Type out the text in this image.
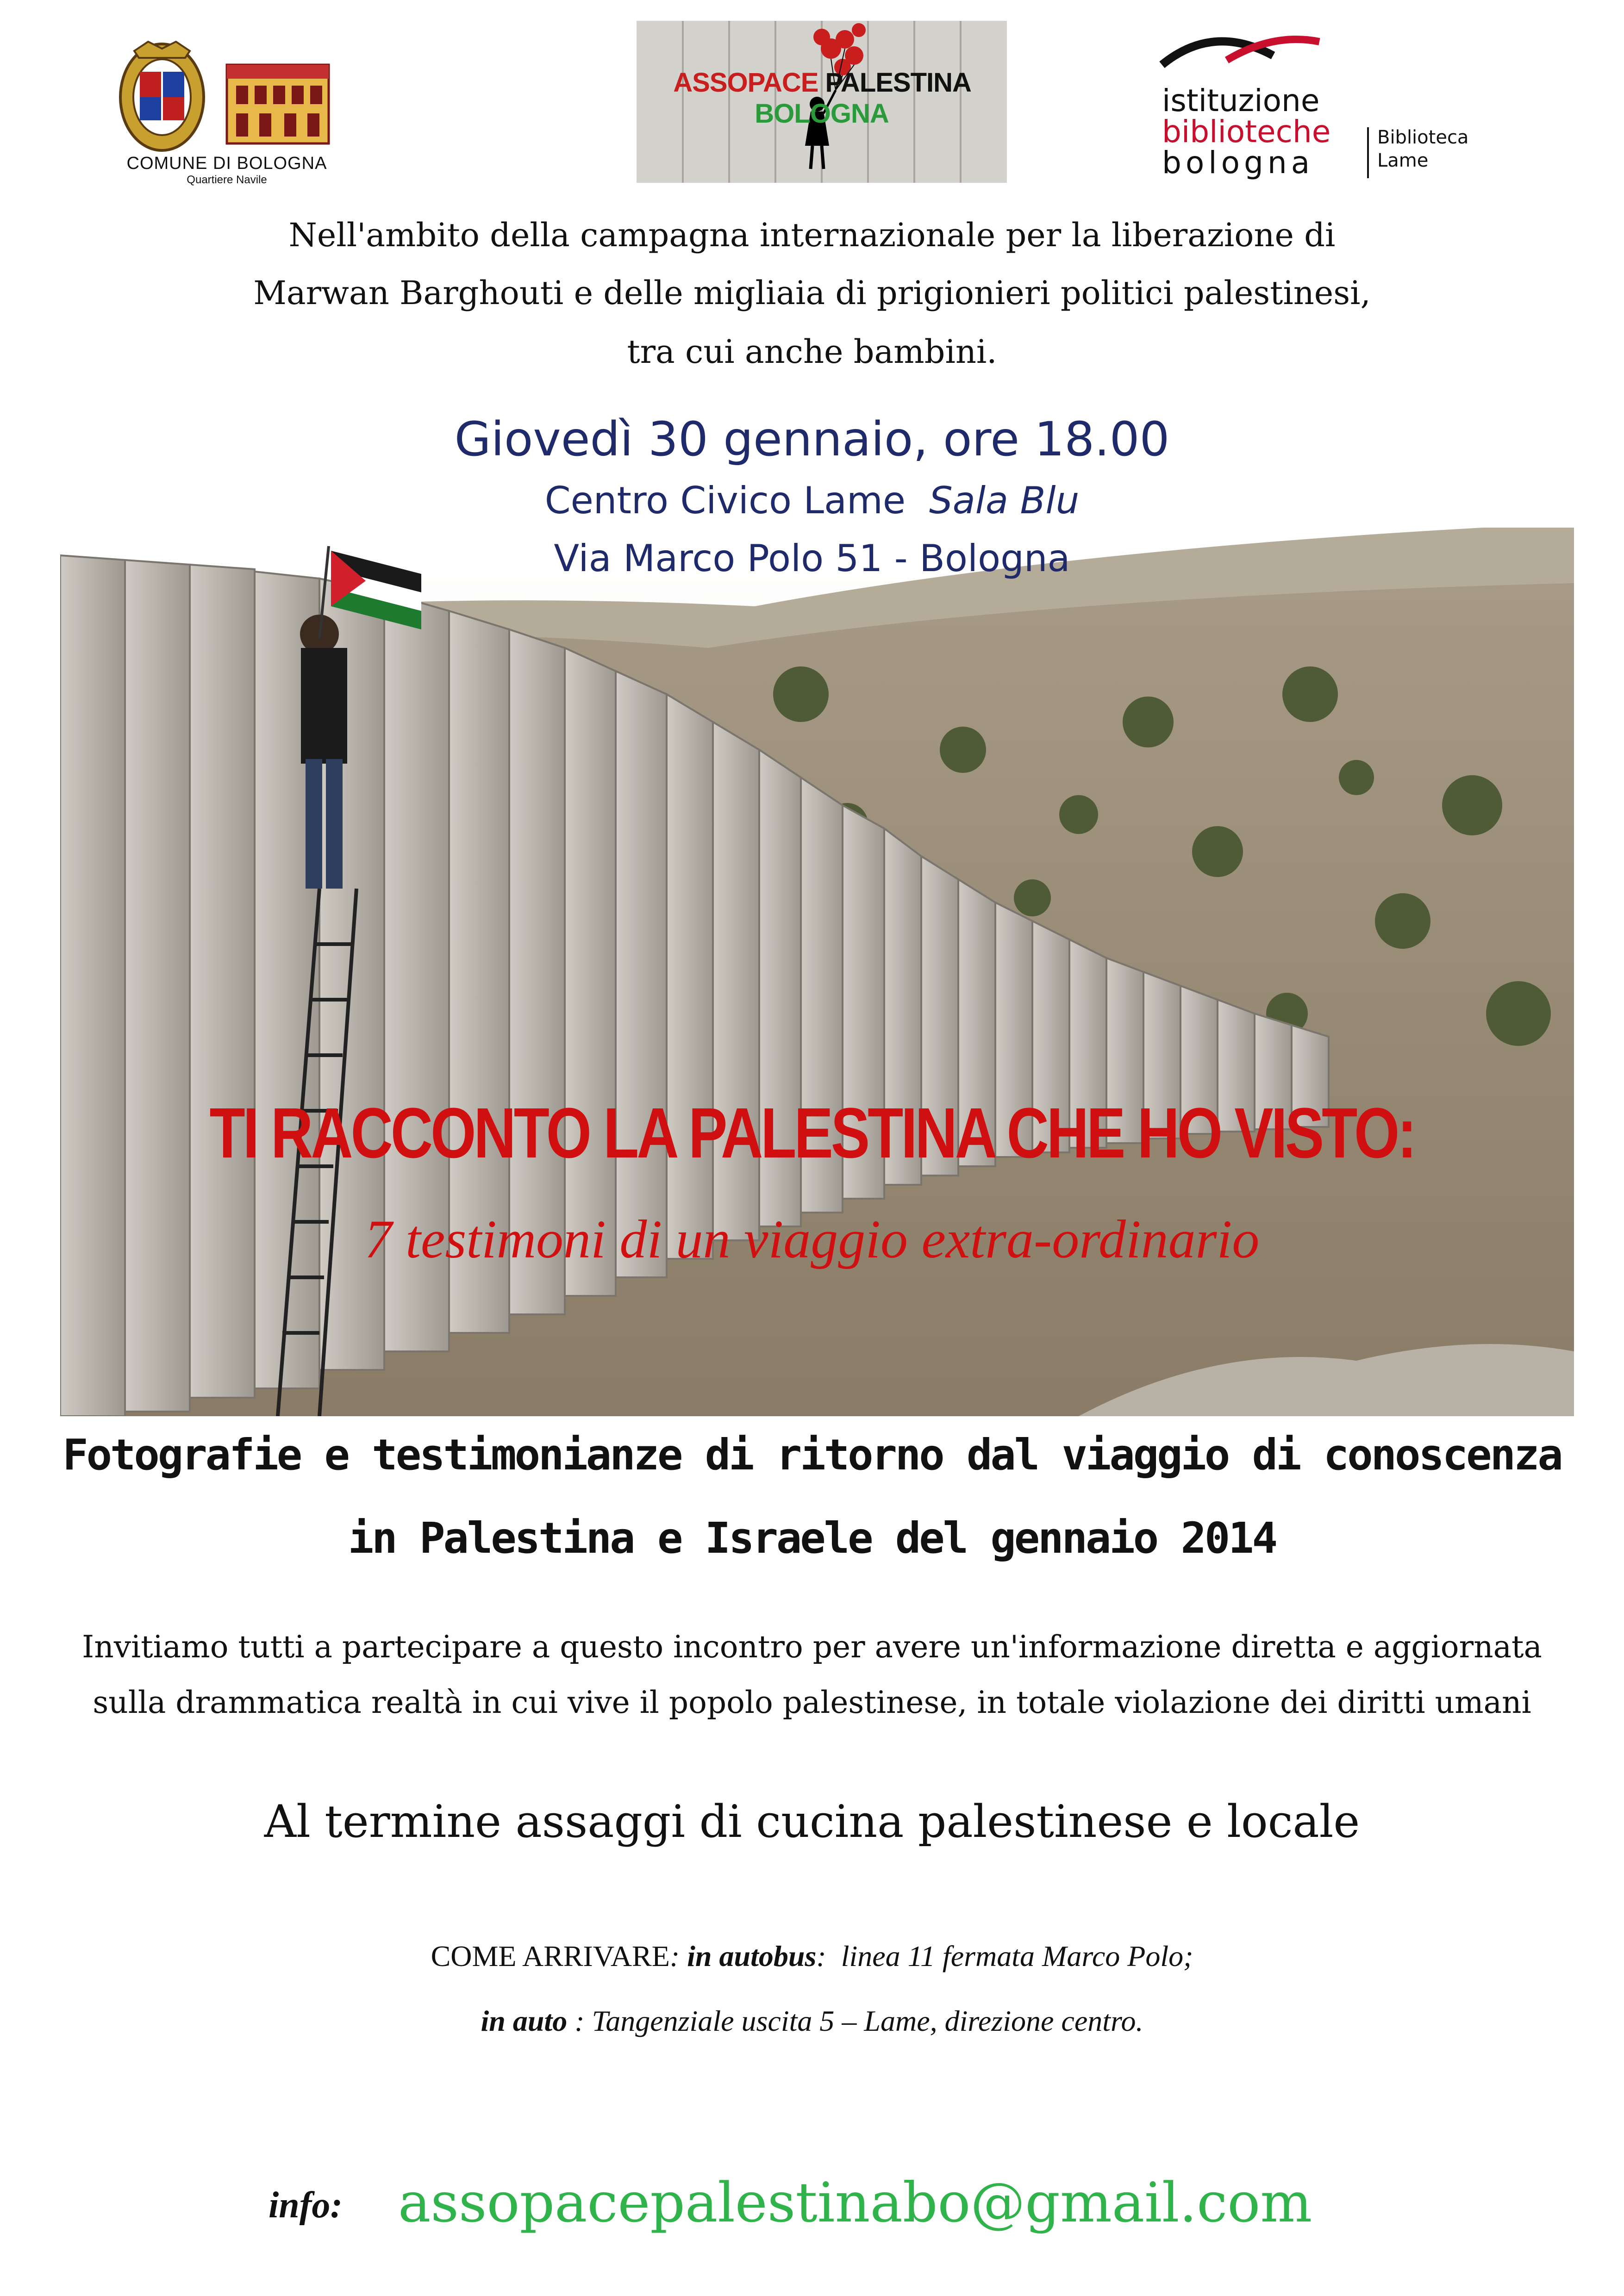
COMUNE DI BOLOGNA
Quartiere Navile
ASSOPACE PALESTINA BOLOGNA	istituzione
biblioteche
bologna
Biblioteca
Lame
Nell'ambito della campagna internazionale per la liberazione di
Marwan Barghouti e delle migliaia di prigionieri politici palestinesi,
tra cui anche bambini.
Giovedì 30 gennaio, ore 18.00
Centro Civico Lame Sala Blu
Via Marco Polo 51 - Bologna
TI RACCONTO LA PALESTINA CHE HO VISTO:
7 testimoni di un viaggio extra-ordinario
Fotografie e testimonianze di ritorno dal viaggio di conoscenza
in Palestina e Israele del gennaio 2014
Invitiamo tutti a partecipare a questo incontro per avere un'informazione diretta e aggiornata
sulla drammatica realtà in cui vive il popolo palestinese, in totale violazione dei diritti umani
Al termine assaggi di cucina palestinese e locale
COME ARRIVARE: in autobus:  linea 11 fermata Marco Polo;
in auto : Tangenziale uscita 5 – Lame, direzione centro.
info: assopacepalestinabo@gmail.com
